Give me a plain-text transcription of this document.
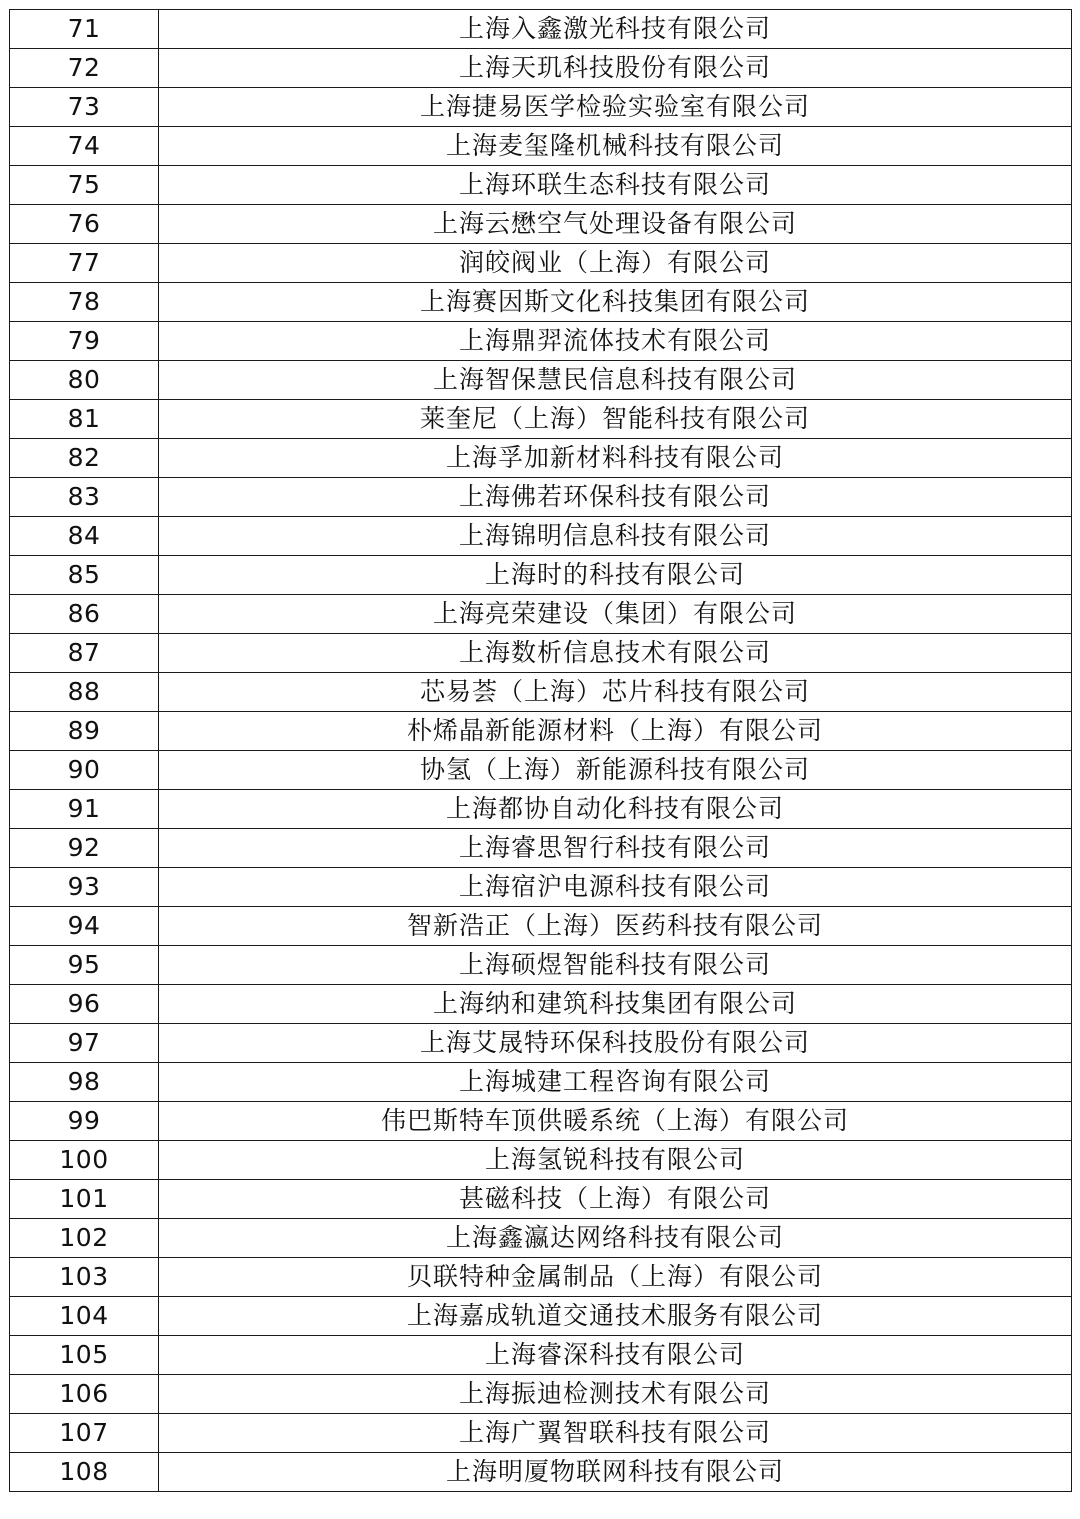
71	上海入鑫激光科技有限公司
72	上海天玑科技股份有限公司
73	上海捷易医学检验实验室有限公司
74	上海麦玺隆机械科技有限公司
75	上海环联生态科技有限公司
76	上海云懋空气处理设备有限公司
77	润皎阀业（上海）有限公司
78	上海赛因斯文化科技集团有限公司
79	上海鼎羿流体技术有限公司
80	上海智保慧民信息科技有限公司
81	莱奎尼（上海）智能科技有限公司
82	上海孚加新材料科技有限公司
83	上海佛若环保科技有限公司
84	上海锦明信息科技有限公司
85	上海时的科技有限公司
86	上海亮荣建设（集团）有限公司
87	上海数析信息技术有限公司
88	芯易荟（上海）芯片科技有限公司
89	朴烯晶新能源材料（上海）有限公司
90	协氢（上海）新能源科技有限公司
91	上海都协自动化科技有限公司
92	上海睿思智行科技有限公司
93	上海宿沪电源科技有限公司
94	智新浩正（上海）医药科技有限公司
95	上海硕煜智能科技有限公司
96	上海纳和建筑科技集团有限公司
97	上海艾晟特环保科技股份有限公司
98	上海城建工程咨询有限公司
99	伟巴斯特车顶供暖系统（上海）有限公司
100	上海氢锐科技有限公司
101	甚磁科技（上海）有限公司
102	上海鑫瀛达网络科技有限公司
103	贝联特种金属制品（上海）有限公司
104	上海嘉成轨道交通技术服务有限公司
105	上海睿深科技有限公司
106	上海振迪检测技术有限公司
107	上海广翼智联科技有限公司
108	上海明厦物联网科技有限公司
